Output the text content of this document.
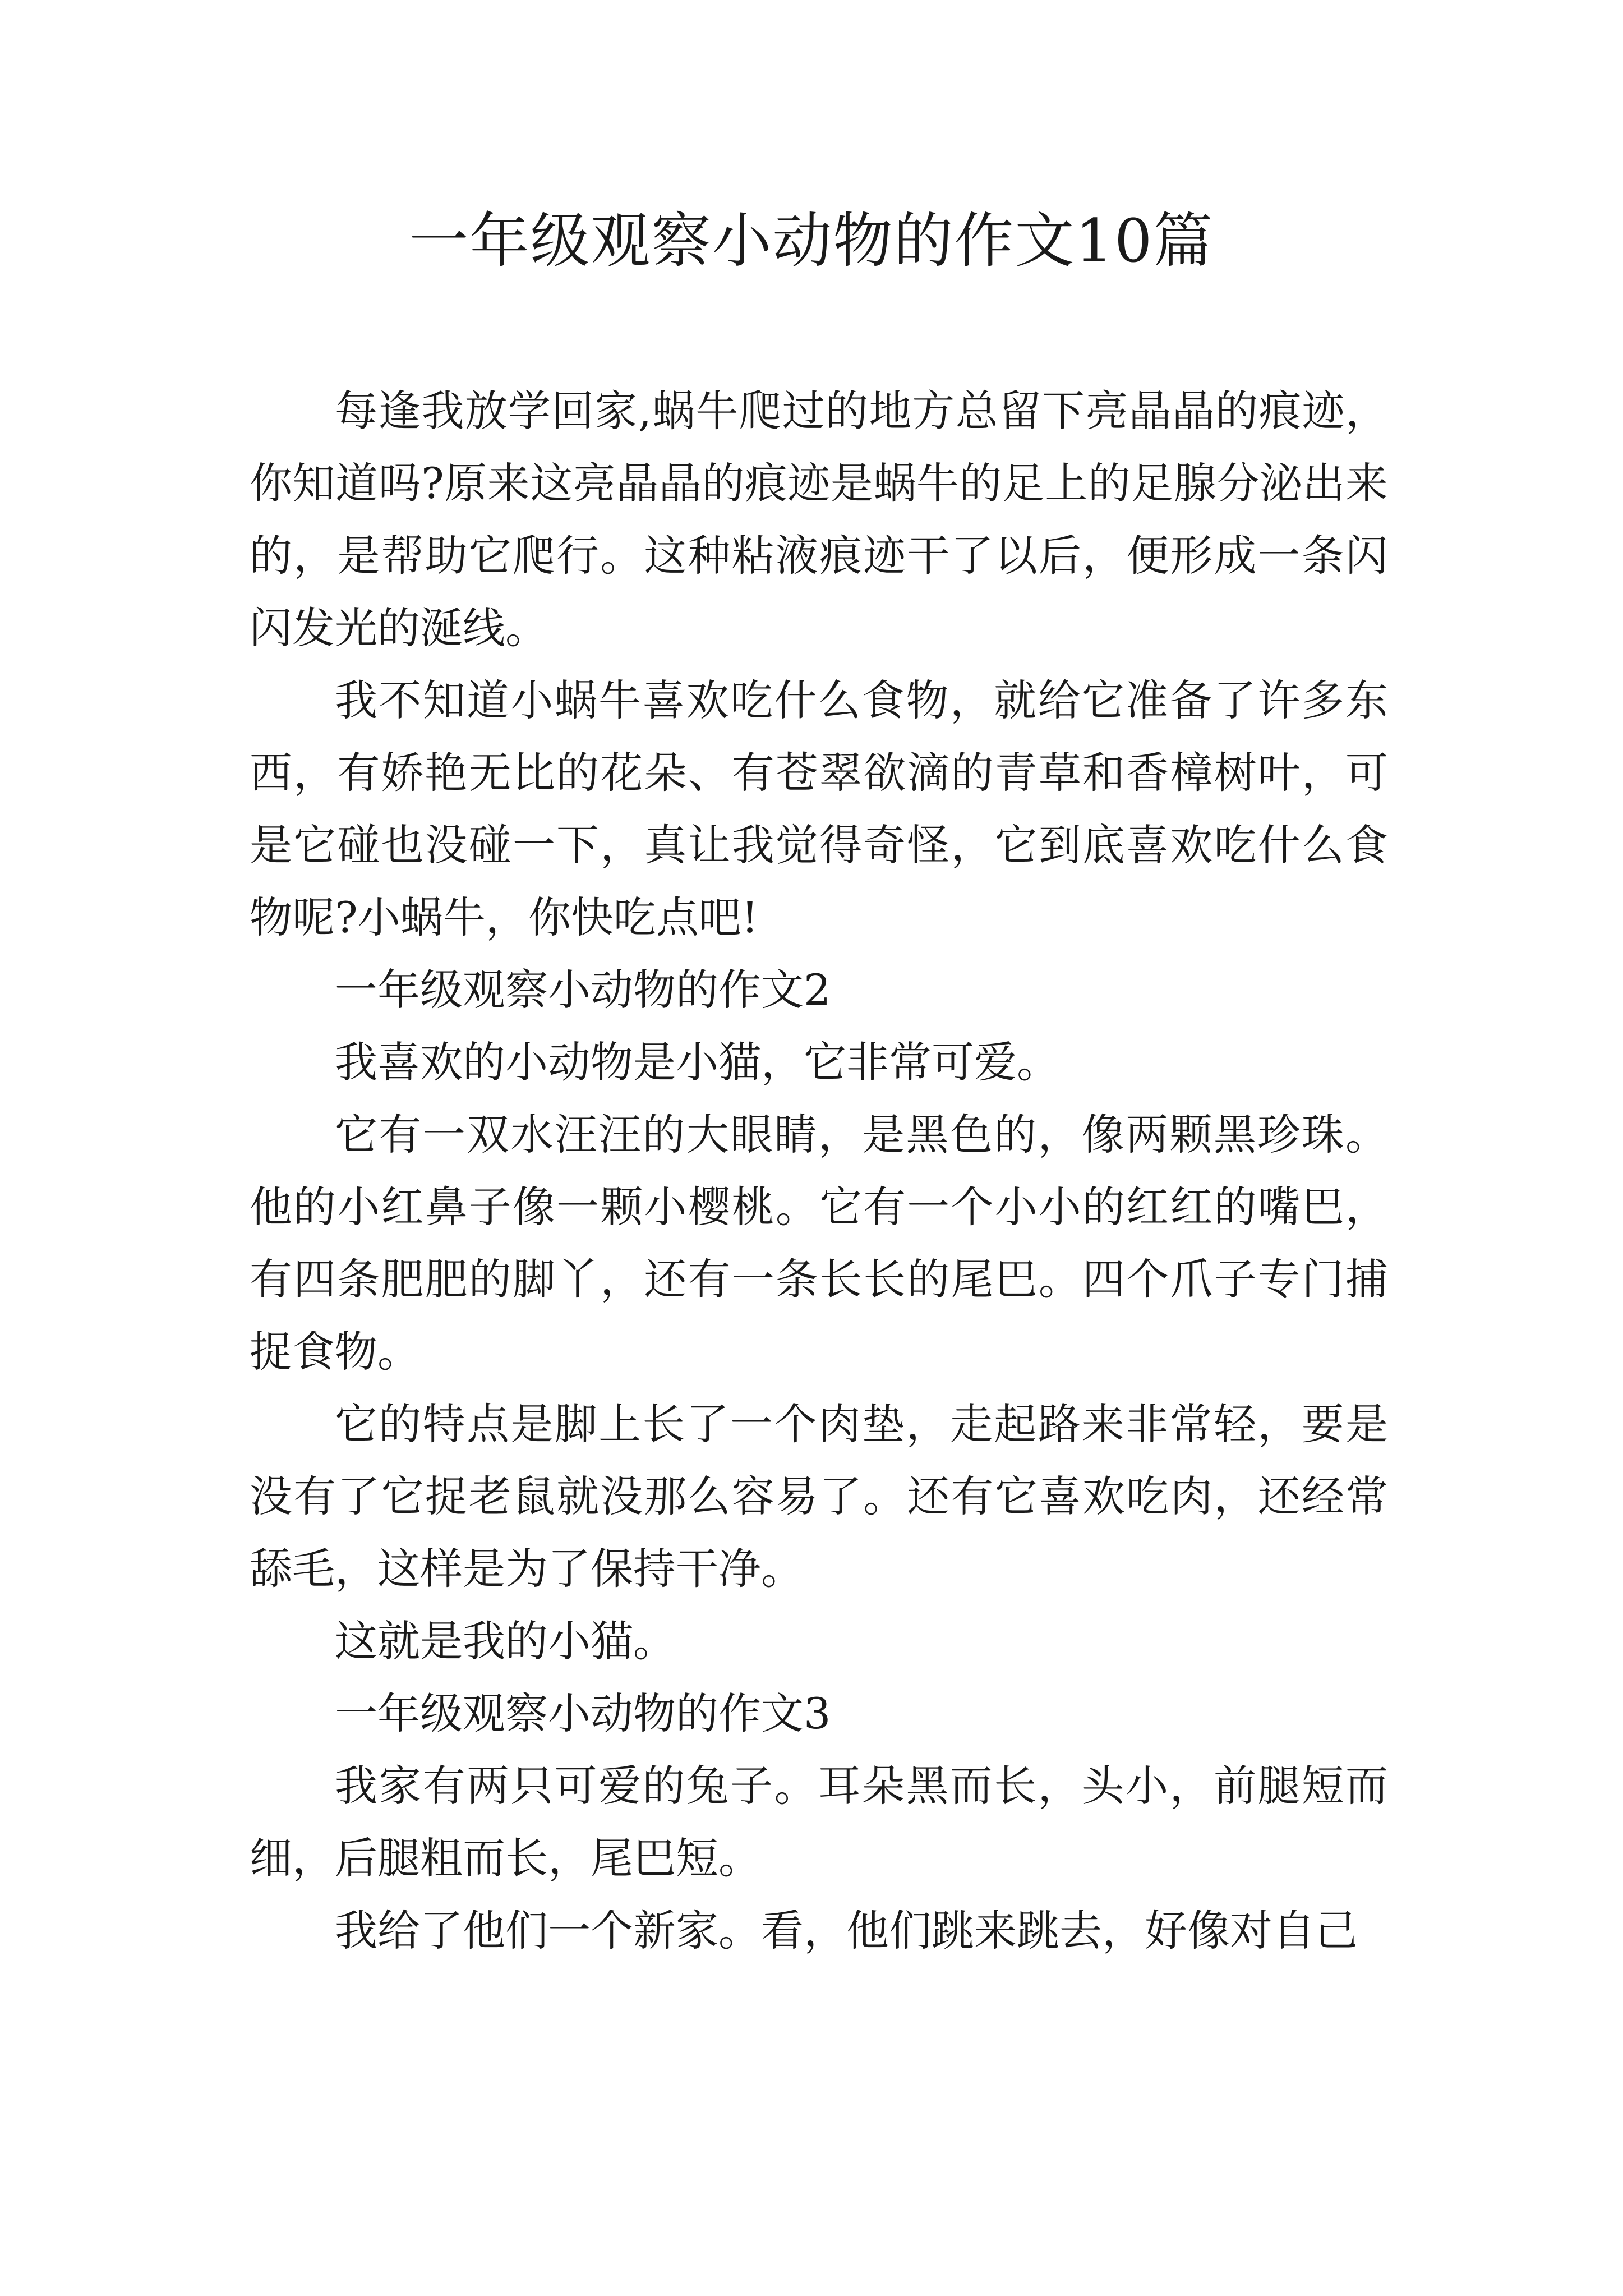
一年级观察小动物的作文10篇

每逢我放学回家,蜗牛爬过的地方总留下亮晶晶的痕迹，你知道吗?原来这亮晶晶的痕迹是蜗牛的足上的足腺分泌出来的，是帮助它爬行。这种粘液痕迹干了以后，便形成一条闪闪发光的涎线。

我不知道小蜗牛喜欢吃什么食物，就给它准备了许多东西，有娇艳无比的花朵、有苍翠欲滴的青草和香樟树叶，可是它碰也没碰一下，真让我觉得奇怪，它到底喜欢吃什么食物呢?小蜗牛，你快吃点吧!

一年级观察小动物的作文2

我喜欢的小动物是小猫，它非常可爱。

它有一双水汪汪的大眼睛，是黑色的，像两颗黑珍珠。他的小红鼻子像一颗小樱桃。它有一个小小的红红的嘴巴，有四条肥肥的脚丫，还有一条长长的尾巴。四个爪子专门捕捉食物。

它的特点是脚上长了一个肉垫，走起路来非常轻，要是没有了它捉老鼠就没那么容易了。还有它喜欢吃肉，还经常舔毛，这样是为了保持干净。

这就是我的小猫。

一年级观察小动物的作文3

我家有两只可爱的兔子。耳朵黑而长，头小，前腿短而细，后腿粗而长，尾巴短。

我给了他们一个新家。看，他们跳来跳去，好像对自己
